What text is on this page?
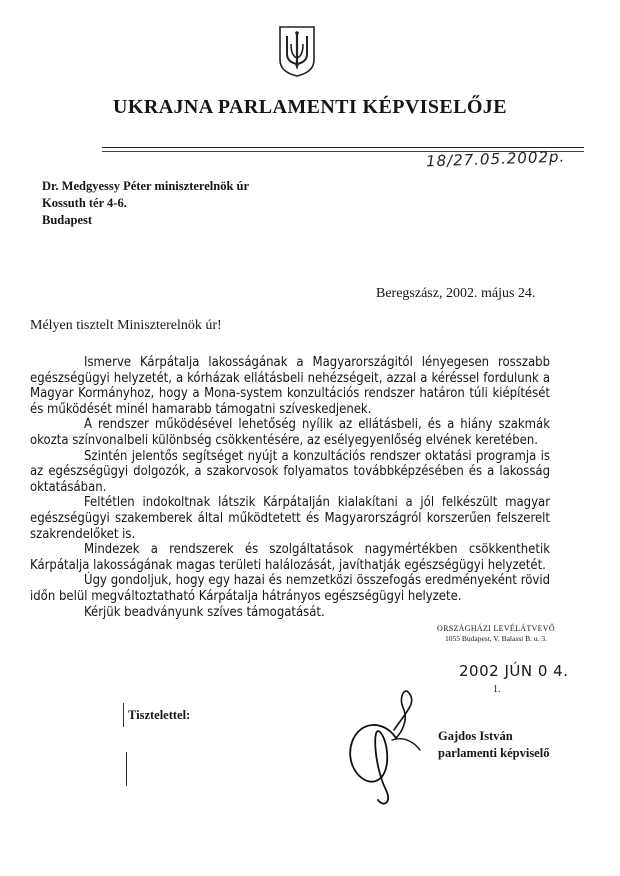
UKRAJNA PARLAMENTI KÉPVISELŐJE
18/27.05.2002р.
Dr. Medgyessy Péter miniszterelnök úr
Kossuth tér 4-6.
Budapest
Beregszász, 2002. május 24.
Mélyen tisztelt Miniszterelnök úr!

Ismerve Kárpátalja lakosságának a Magyarországitól lényegesen rosszabb egészségügyi helyzetét, a kórházak ellátásbeli nehézségeit, azzal a kéréssel fordulunk a Magyar Kormányhoz, hogy a Mona-system konzultációs rendszer határon túli kiépítését és működését minél hamarabb támogatni szíveskedjenek.

A rendszer működésével lehetőség nyílik az ellátásbeli, és a hiány szakmák okozta színvonalbeli különbség csökkentésére, az esélyegyenlőség elvének keretében.

Szintén jelentős segítséget nyújt a konzultációs rendszer oktatási programja is az egészségügyi dolgozók, a szakorvosok folyamatos továbbképzésében és a lakosság oktatásában.

Feltétlen indokoltnak látszik Kárpátalján kialakítani a jól felkészült magyar egészségügyi szakemberek által működtetett és Magyarországról korszerűen felszerelt szakrendelőket is.

Mindezek a rendszerek és szolgáltatások nagymértékben csökkenthetik Kárpátalja lakosságának magas területi halálozását, javíthatják egészségügyi helyzetét.

Úgy gondoljuk, hogy egy hazai és nemzetközi összefogás eredményeként rövid időn belül megváltoztatható Kárpátalja hátrányos egészségügyi helyzete.

Kérjük beadványunk szíves támogatását.

ORSZÁGHÁZI LEVÉLÁTVEVŐ
1055 Budapest, V. Balassi B. u. 3.
2002 JÚN 0 4.
1.
Tisztelettel:
Gajdos István
parlamenti képviselő
